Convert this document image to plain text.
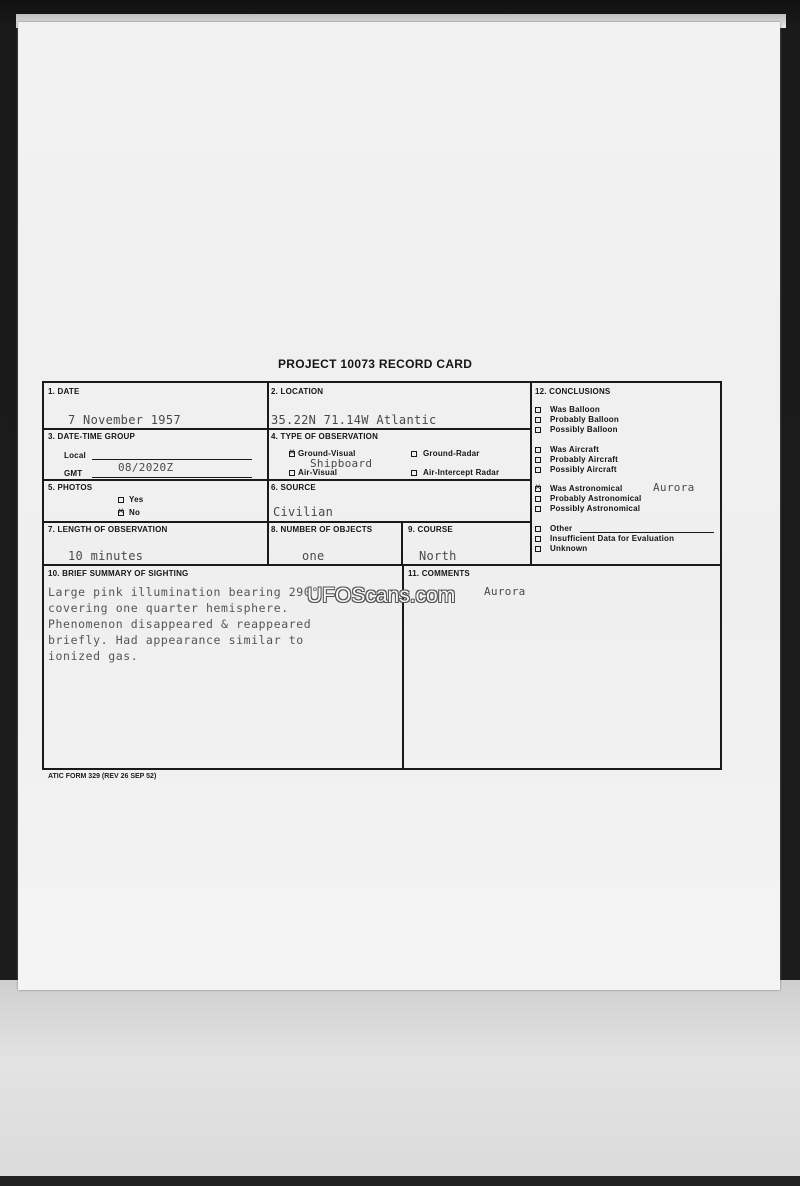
PROJECT 10073 RECORD CARD
1. DATE
7 November 1957
2. LOCATION
35.22N 71.14W Atlantic
3. DATE-TIME GROUP
Local
GMT	08/2020Z
4. TYPE OF OBSERVATION
×
Ground-Visual	Ground-Radar
Air-Visual	Air-Intercept Radar
Shipboard
5. PHOTOS
Yes
×
No
6. SOURCE
Civilian
7. LENGTH OF OBSERVATION
10 minutes
8. NUMBER OF OBJECTS
one
9. COURSE
North
10. BRIEF SUMMARY OF SIGHTING
Large pink illumination bearing 290°
covering one quarter hemisphere.
Phenomenon disappeared & reappeared
briefly. Had appearance similar to
ionized gas.
11. COMMENTS
Aurora
12. CONCLUSIONS
Was Balloon
Probably Balloon
Possibly Balloon
Was Aircraft
Probably Aircraft
Possibly Aircraft
×
Was Astronomical	Aurora
Probably Astronomical
Possibly Astronomical
Other
Insufficient Data for Evaluation
Unknown
UFOScans.com
ATIC FORM 329 (REV 26 SEP 52)
